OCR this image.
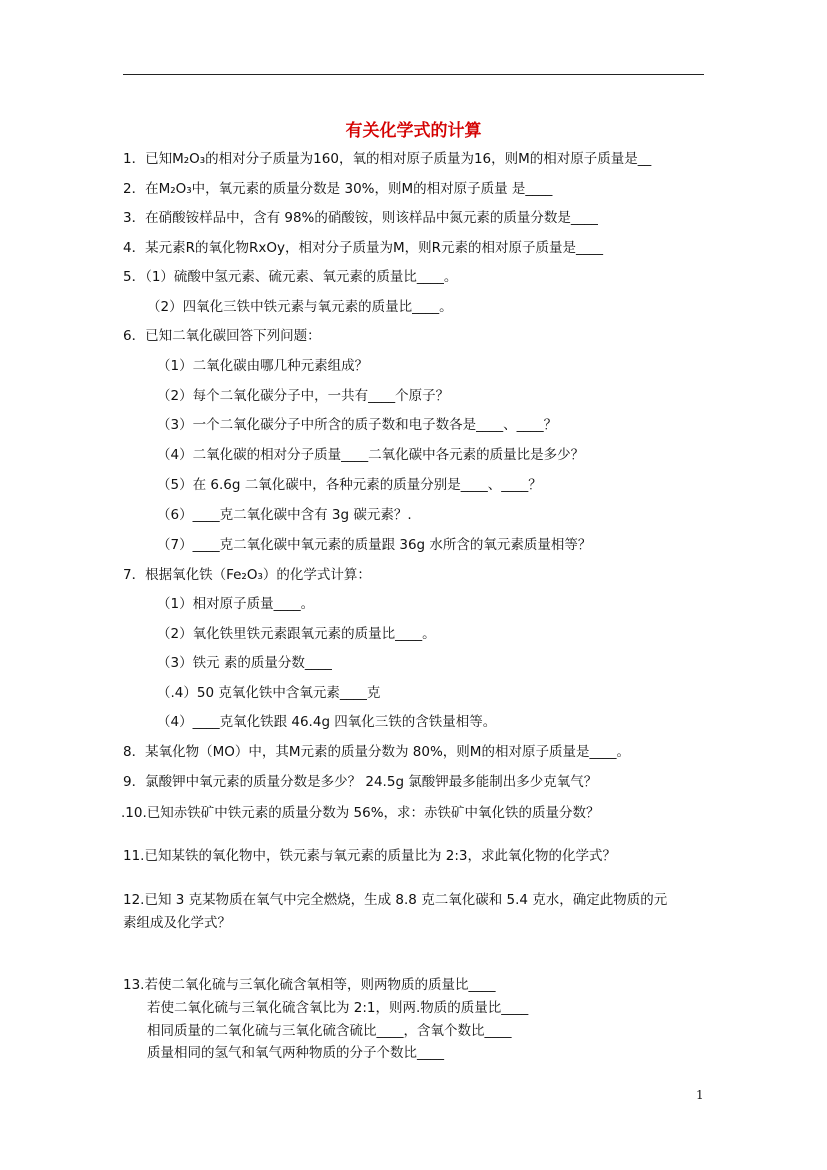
有关化学式的计算
1．已知M₂O₃的相对分子质量为160，氧的相对原子质量为16，则M的相对原子质量是__
2．在M₂O₃中，氧元素的质量分数是 30%，则M的相对原子质量 是____
3．在硝酸铵样品中，含有 98%的硝酸铵，则该样品中氮元素的质量分数是____
4．某元素R的氧化物RxOy，相对分子质量为M，则R元素的相对原子质量是____
5．（1）硫酸中氢元素、硫元素、氧元素的质量比____。
（2）四氧化三铁中铁元素与氧元素的质量比____。
6．已知二氧化碳回答下列问题：
（1）二氧化碳由哪几种元素组成？
（2）每个二氧化碳分子中，一共有____个原子？
（3）一个二氧化碳分子中所含的质子数和电子数各是____、____？
（4）二氧化碳的相对分子质量____二氧化碳中各元素的质量比是多少？
（5）在 6.6g 二氧化碳中，各种元素的质量分别是____、____？
（6）____克二氧化碳中含有 3g 碳元素？.
（7）____克二氧化碳中氧元素的质量跟 36g 水所含的氧元素质量相等？
7．根据氧化铁（Fe₂O₃）的化学式计算：
（1）相对原子质量____。
（2）氧化铁里铁元素跟氧元素的质量比____。
（3）铁元 素的质量分数____
（.4）50 克氧化铁中含氧元素____克
（4）____克氧化铁跟 46.4g 四氧化三铁的含铁量相等。
8．某氧化物（MO）中，其M元素的质量分数为 80%，则M的相对原子质量是____。
9．氯酸钾中氧元素的质量分数是多少？ 24.5g 氯酸钾最多能制出多少克氧气？
.10.已知赤铁矿中铁元素的质量分数为 56%，求：赤铁矿中氧化铁的质量分数？
11.已知某铁的氧化物中，铁元素与氧元素的质量比为 2:3，求此氧化物的化学式？
12.已知 3 克某物质在氧气中完全燃烧，生成 8.8 克二氧化碳和 5.4 克水，确定此物质的元
素组成及化学式？
13.若使二氧化硫与三氧化硫含氧相等，则两物质的质量比____
若使二氧化硫与三氧化硫含氧比为 2:1，则两.物质的质量比____
相同质量的二氧化硫与三氧化硫含硫比____，含氧个数比____
质量相同的氢气和氧气两种物质的分子个数比____
1
